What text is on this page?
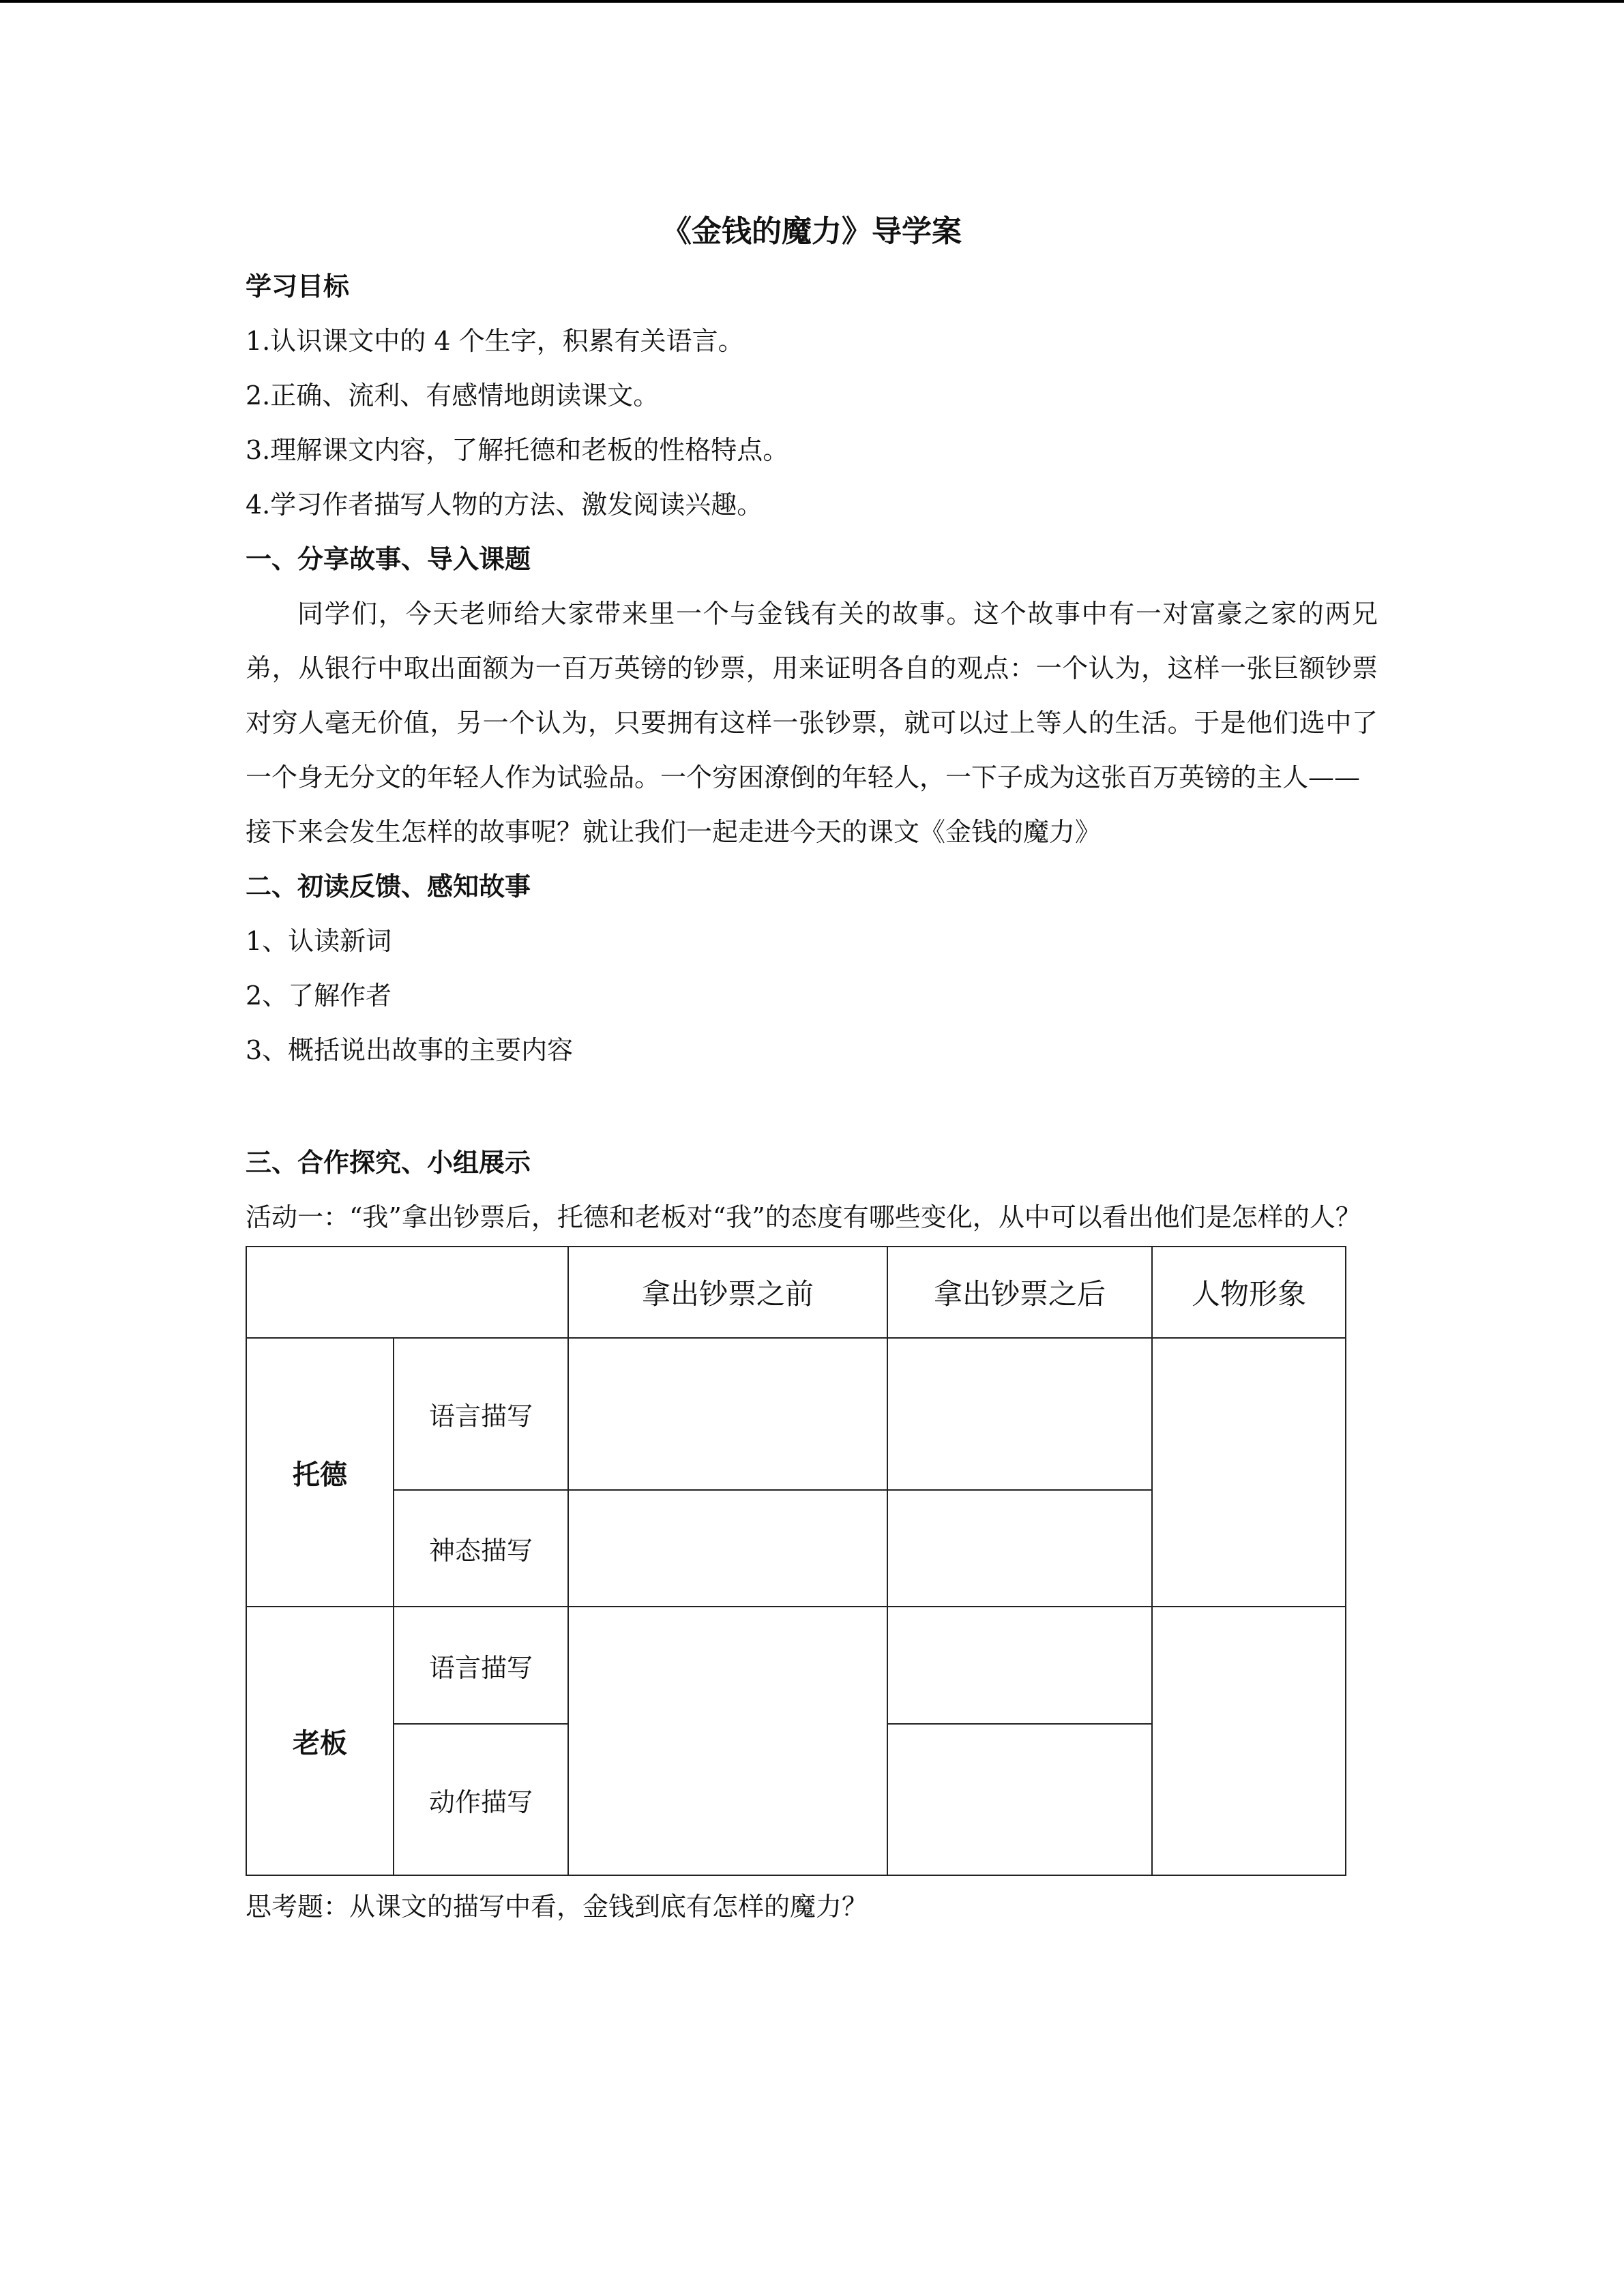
《金钱的魔力》导学案
学习目标
1.认识课文中的 4 个生字，积累有关语言。
2.正确、流利、有感情地朗读课文。
3.理解课文内容，了解托德和老板的性格特点。
4.学习作者描写人物的方法、激发阅读兴趣。
一、分享故事、导入课题

同学们，今天老师给大家带来里一个与金钱有关的故事。这个故事中有一对富豪之家的两兄弟，从银行中取出面额为一百万英镑的钞票，用来证明各自的观点：一个认为，这样一张巨额钞票对穷人毫无价值，另一个认为，只要拥有这样一张钞票，就可以过上等人的生活。于是他们选中了一个身无分文的年轻人作为试验品。一个穷困潦倒的年轻人，一下子成为这张百万英镑的主人——

接下来会发生怎样的故事呢？就让我们一起走进今天的课文《金钱的魔力》
二、初读反馈、感知故事
1、认读新词
2、了解作者
3、概括说出故事的主要内容
三、合作探究、小组展示

活动一：“我”拿出钞票后，托德和老板对“我”的态度有哪些变化，从中可以看出他们是怎样的人？

		拿出钞票之前	拿出钞票之后	人物形象
托德	语言描写			
	神态描写			
老板	语言描写			
	动作描写			

思考题：从课文的描写中看，金钱到底有怎样的魔力？
